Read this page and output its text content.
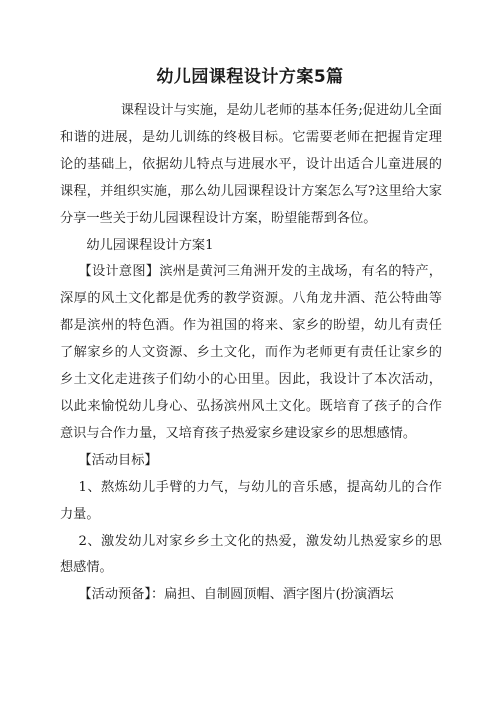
幼儿园课程设计方案5篇

课程设计与实施，是幼儿老师的基本任务;促进幼儿全面和谐的进展，是幼儿训练的终极目标。它需要老师在把握肯定理论的基础上，依据幼儿特点与进展水平，设计出适合儿童进展的课程，并组织实施，那么幼儿园课程设计方案怎么写?这里给大家分享一些关于幼儿园课程设计方案，盼望能帮到各位。

幼儿园课程设计方案1

【设计意图】滨州是黄河三角洲开发的主战场，有名的特产，深厚的风土文化都是优秀的教学资源。八角龙井酒、范公特曲等都是滨州的特色酒。作为祖国的将来、家乡的盼望，幼儿有责任了解家乡的人文资源、乡土文化，而作为老师更有责任让家乡的乡土文化走进孩子们幼小的心田里。因此，我设计了本次活动，以此来愉悦幼儿身心、弘扬滨州风土文化。既培育了孩子的合作意识与合作力量，又培育孩子热爱家乡建设家乡的思想感情。

【活动目标】

1、熬炼幼儿手臂的力气，与幼儿的音乐感，提高幼儿的合作力量。

2、激发幼儿对家乡乡土文化的热爱，激发幼儿热爱家乡的思想感情。

【活动预备】：扁担、自制圆顶帽、酒字图片(扮演酒坛
